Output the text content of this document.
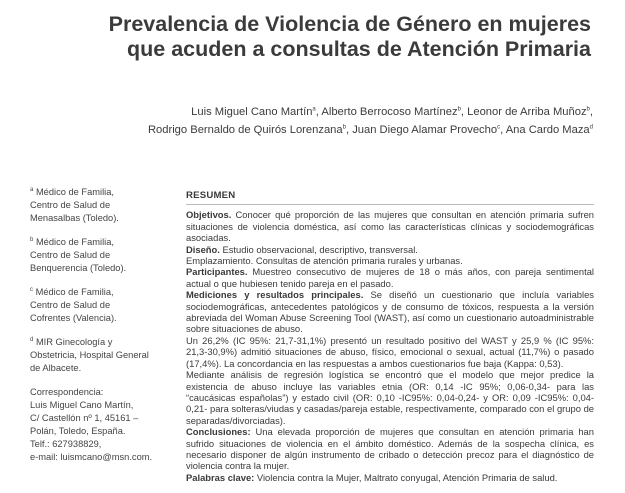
Prevalencia de Violencia de Género en mujeres
que acuden a consultas de Atención Primaria
Luis Miguel Cano Martín$^a$, Alberto Berrocoso Martínez$^b$, Leonor de Arriba Muñoz$^b$,
Rodrigo Bernaldo de Quirós Lorenzana$^b$, Juan Diego Alamar Provecho$^c$, Ana Cardo Maza$^d$
$^a$ Médico de Familia,
Centro de Salud de
Menasalbas (Toledo).
$^b$ Médico de Familia,
Centro de Salud de
Benquerencia (Toledo).
$^c$ Médico de Familia,
Centro de Salud de
Cofrentes (Valencia).
$^d$ MIR Ginecología y
Obstetricia, Hospital General
de Albacete.
Correspondencia:
Luis Miguel Cano Martín,
C/ Castellón nº 1, 45161 –
Polán, Toledo, España.
Telf.: 627938829,
e-mail: luismcano@msn.com.
RESUMEN

Objetivos. Conocer qué proporción de las mujeres que consultan en atención primaria sufren situaciones de violencia doméstica, así como las características clínicas y sociodemográficas asociadas.

Diseño. Estudio observacional, descriptivo, transversal.

Emplazamiento. Consultas de atención primaria rurales y urbanas.

Participantes. Muestreo consecutivo de mujeres de 18 o más años, con pareja sentimental actual o que hubiesen tenido pareja en el pasado.

Mediciones y resultados principales. Se diseñó un cuestionario que incluía variables sociodemográficas, antecedentes patológicos y de consumo de tóxicos, respuesta a la versión abreviada del Woman Abuse Screening Tool (WAST), así como un cuestionario autoadministrable sobre situaciones de abuso.

Un 26,2% (IC 95%: 21,7-31,1%) presentó un resultado positivo del WAST y 25,9 % (IC 95%: 21,3-30,9%) admitió situaciones de abuso, físico, emocional o sexual, actual (11,7%) o pasado (17,4%). La concordancia en las respuestas a ambos cuestionarios fue baja (Kappa: 0,53).

Mediante análisis de regresión logística se encontró que el modelo que mejor predice la existencia de abuso incluye las variables etnia (OR: 0,14 -IC 95%; 0,06-0,34- para las “caucásicas españolas”) y estado civil (OR: 0,10 -IC95%: 0,04-0,24- y OR: 0,09 -IC95%: 0,04-0,21- para solteras/viudas y casadas/pareja estable, respectivamente, comparado con el grupo de separadas/divorciadas).

Conclusiones: Una elevada proporción de mujeres que consultan en atención primaria han sufrido situaciones de violencia en el ámbito doméstico. Además de la sospecha clínica, es necesario disponer de algún instrumento de cribado o detección precoz para el diagnóstico de violencia contra la mujer.

Palabras clave: Violencia contra la Mujer, Maltrato conyugal, Atención Primaria de salud.
